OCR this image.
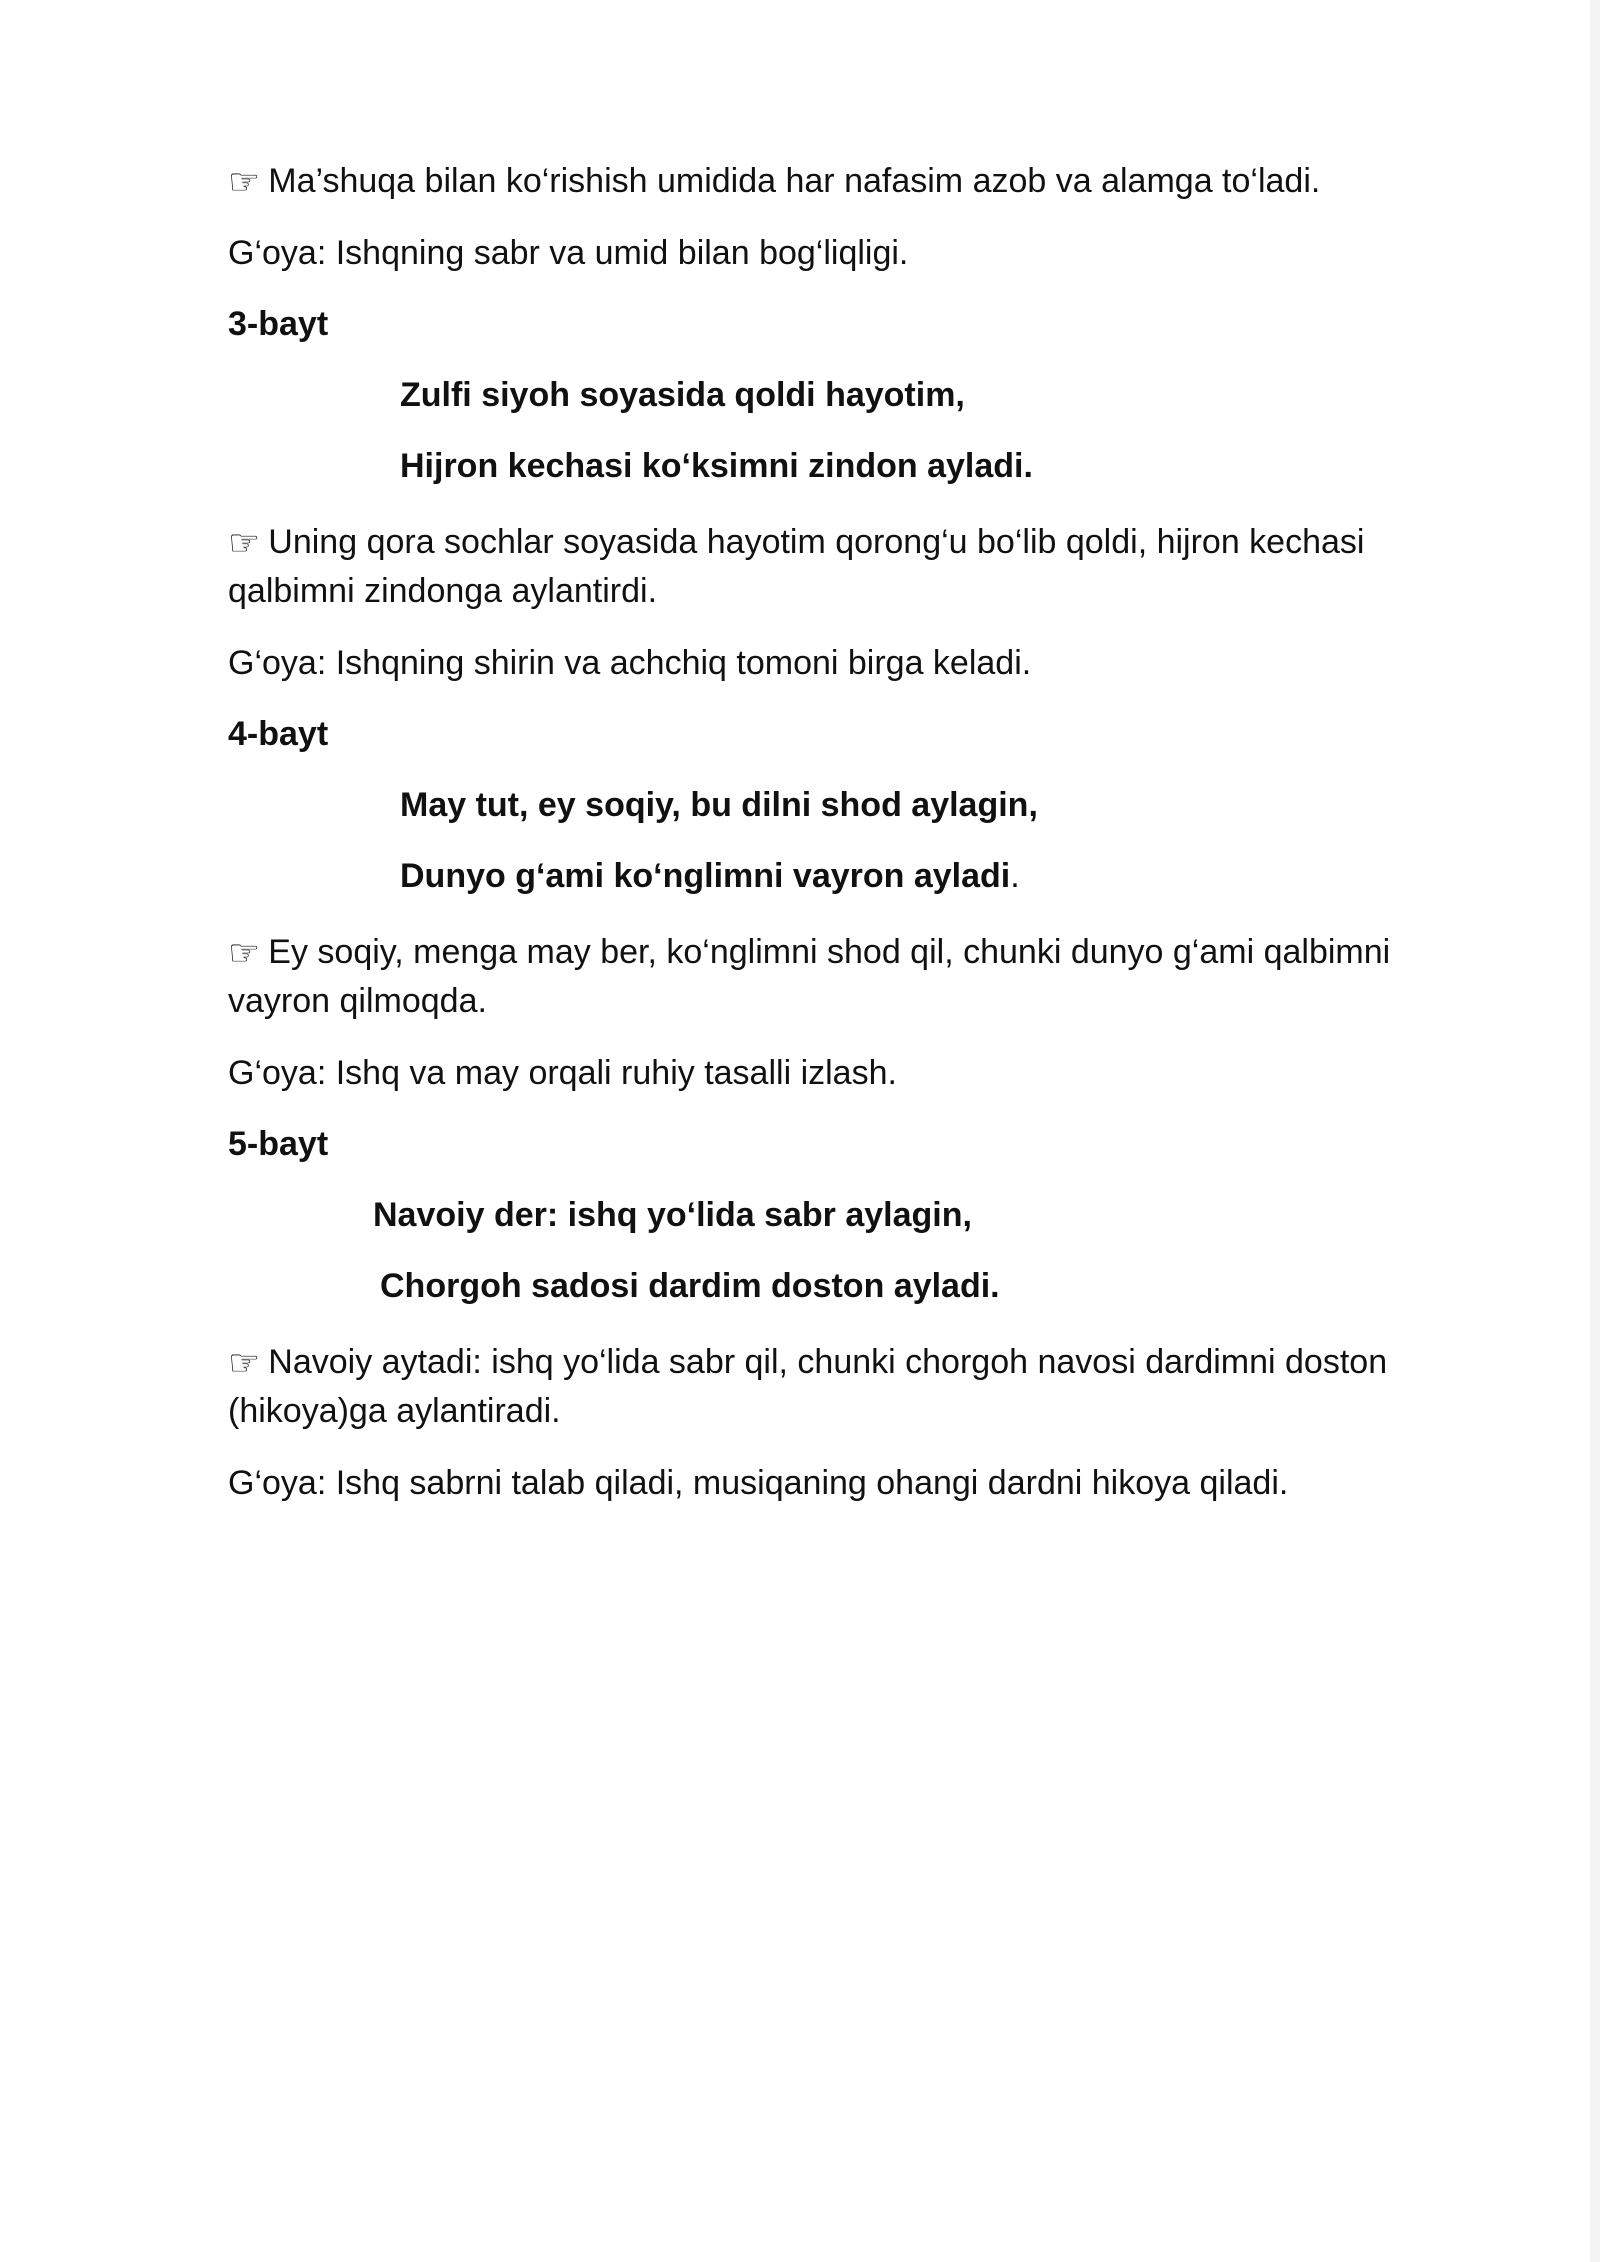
☞ Ma’shuqa bilan ko‘rishish umidida har nafasim azob va alamga to‘ladi.
G‘oya: Ishqning sabr va umid bilan bog‘liqligi.
3-bayt
Zulfi siyoh soyasida qoldi hayotim,
Hijron kechasi ko‘ksimni zindon ayladi.
☞ Uning qora sochlar soyasida hayotim qorong‘u bo‘lib qoldi, hijron kechasi
qalbimni zindonga aylantirdi.
G‘oya: Ishqning shirin va achchiq tomoni birga keladi.
4-bayt
May tut, ey soqiy, bu dilni shod aylagin,
Dunyo g‘ami ko‘nglimni vayron ayladi.
☞ Ey soqiy, menga may ber, ko‘nglimni shod qil, chunki dunyo g‘ami qalbimni
vayron qilmoqda.
G‘oya: Ishq va may orqali ruhiy tasalli izlash.
5-bayt
Navoiy der: ishq yo‘lida sabr aylagin,
Chorgoh sadosi dardim doston ayladi.
☞ Navoiy aytadi: ishq yo‘lida sabr qil, chunki chorgoh navosi dardimni doston
(hikoya)ga aylantiradi.
G‘oya: Ishq sabrni talab qiladi, musiqaning ohangi dardni hikoya qiladi.
